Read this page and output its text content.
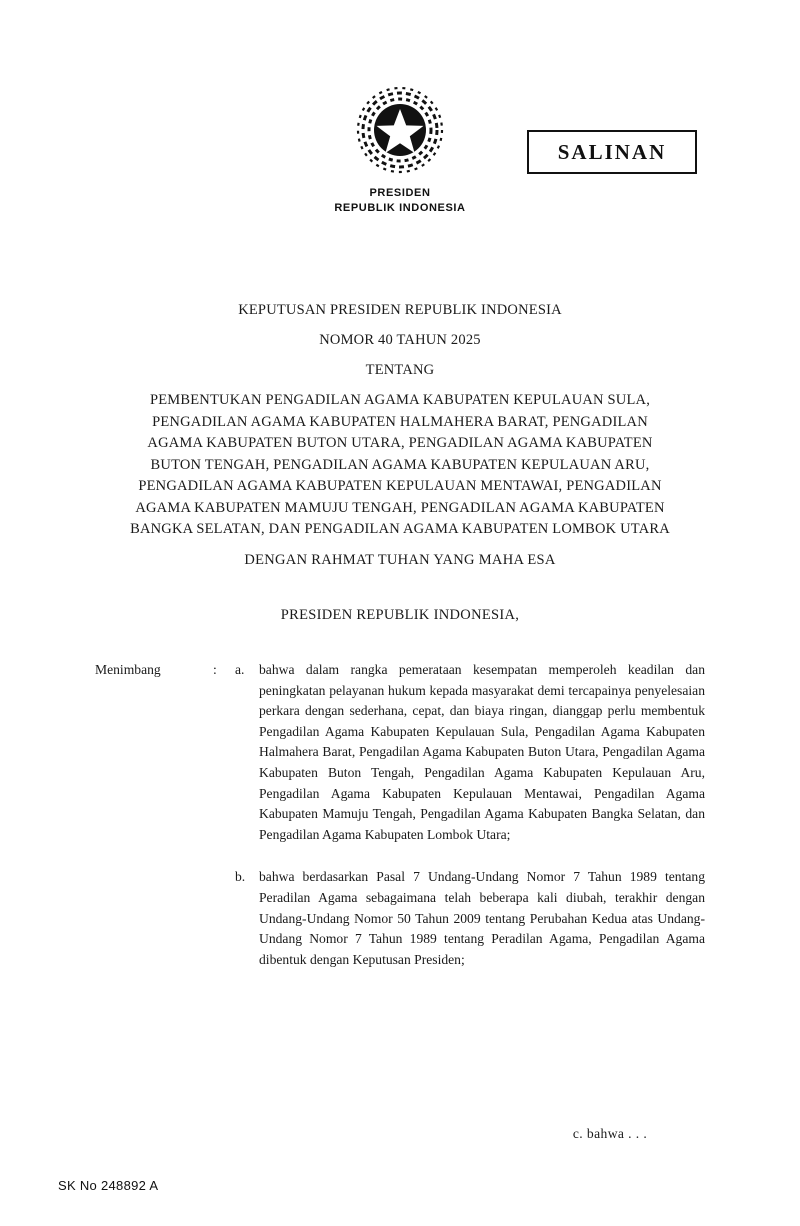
PRESIDEN
REPUBLIK INDONESIA
SALINAN
KEPUTUSAN PRESIDEN REPUBLIK INDONESIA
NOMOR 40 TAHUN 2025
TENTANG
PEMBENTUKAN PENGADILAN AGAMA KABUPATEN KEPULAUAN SULA,
PENGADILAN AGAMA KABUPATEN HALMAHERA BARAT, PENGADILAN
AGAMA KABUPATEN BUTON UTARA, PENGADILAN AGAMA KABUPATEN
BUTON TENGAH, PENGADILAN AGAMA KABUPATEN KEPULAUAN ARU,
PENGADILAN AGAMA KABUPATEN KEPULAUAN MENTAWAI, PENGADILAN
AGAMA KABUPATEN MAMUJU TENGAH, PENGADILAN AGAMA KABUPATEN
BANGKA SELATAN, DAN PENGADILAN AGAMA KABUPATEN LOMBOK UTARA
DENGAN RAHMAT TUHAN YANG MAHA ESA
PRESIDEN REPUBLIK INDONESIA,
Menimbang	:	a.	bahwa dalam rangka pemerataan kesempatan memperoleh keadilan dan peningkatan pelayanan hukum kepada masyarakat demi tercapainya penyelesaian perkara dengan sederhana, cepat, dan biaya ringan, dianggap perlu membentuk Pengadilan Agama Kabupaten Kepulauan Sula, Pengadilan Agama Kabupaten Halmahera Barat, Pengadilan Agama Kabupaten Buton Utara, Pengadilan Agama Kabupaten Buton Tengah, Pengadilan Agama Kabupaten Kepulauan Aru, Pengadilan Agama Kabupaten Kepulauan Mentawai, Pengadilan Agama Kabupaten Mamuju Tengah, Pengadilan Agama Kabupaten Bangka Selatan, dan Pengadilan Agama Kabupaten Lombok Utara;
b.	bahwa berdasarkan Pasal 7 Undang-Undang Nomor 7 Tahun 1989 tentang Peradilan Agama sebagaimana telah beberapa kali diubah, terakhir dengan Undang-Undang Nomor 50 Tahun 2009 tentang Perubahan Kedua atas Undang-Undang Nomor 7 Tahun 1989 tentang Peradilan Agama, Pengadilan Agama dibentuk dengan Keputusan Presiden;
c. bahwa . . .
SK No 248892 A
